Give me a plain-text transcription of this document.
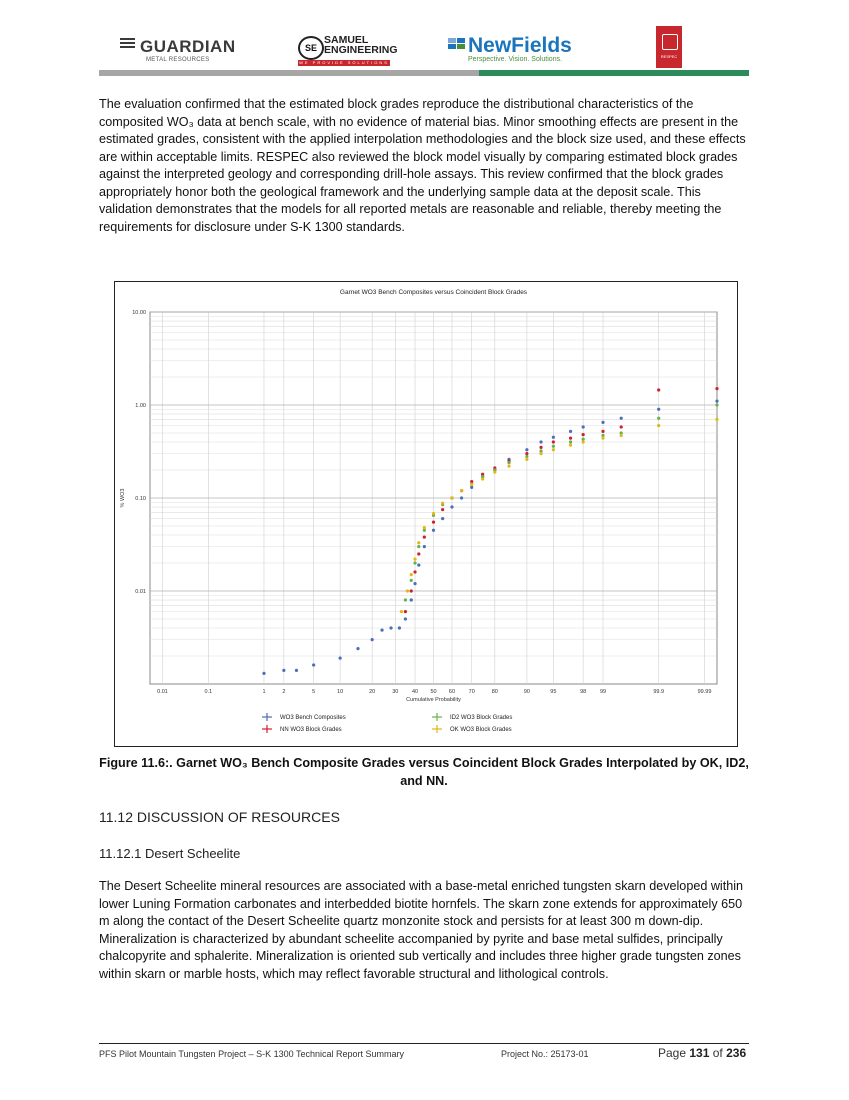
GUARDIAN
METAL RESOURCES
SE
SAMUEL
ENGINEERING
WE PROVIDE SOLUTIONS
NewFields
Perspective. Vision. Solutions.	RESPEC
The evaluation confirmed that the estimated block grades reproduce the distributional characteristics of the composited WO₃ data at bench scale, with no evidence of material bias. Minor smoothing effects are present in the estimated grades, consistent with the applied interpolation methodologies and the block size used, and these effects are within acceptable limits. RESPEC also reviewed the block model visually by comparing estimated block grades against the interpreted geology and corresponding drill-hole assays. This review confirmed that the block grades appropriately honor both the geological framework and the underlying sample data at the deposit scale. This validation demonstrates that the models for all reported metals are reasonable and reliable, thereby meeting the requirements for disclosure under S-K 1300 standards.
0.01	0.1	1	2	5	10	20	30 40 50 60 70	80	90	95	98 99	99.9	99.99
0.01
0.10
1.00
10.00
Garnet WO3 Bench Composites versus Coincident Block Grades
Cumulative Probability
% WO3
WO3 Bench Composites
NN WO3 Block Grades
ID2 WO3 Block Grades
OK WO3 Block Grades
Figure 11.6:. Garnet WO₃ Bench Composite Grades versus Coincident Block Grades Interpolated by OK, ID2, and NN.
11.12 DISCUSSION OF RESOURCES
11.12.1 Desert Scheelite
The Desert Scheelite mineral resources are associated with a base-metal enriched tungsten skarn developed within lower Luning Formation carbonates and interbedded biotite hornfels. The skarn zone extends for approximately 650 m along the contact of the Desert Scheelite quartz monzonite stock and persists for at least 300 m down-dip. Mineralization is characterized by abundant scheelite accompanied by pyrite and base metal sulfides, principally chalcopyrite and sphalerite. Mineralization is oriented sub vertically and includes three higher grade tungsten zones within skarn or marble hosts, which may reflect favorable structural and lithological controls.
PFS Pilot Mountain Tungsten Project – S-K 1300 Technical Report Summary	Project No.: 25173-01	Page 131 of 236
